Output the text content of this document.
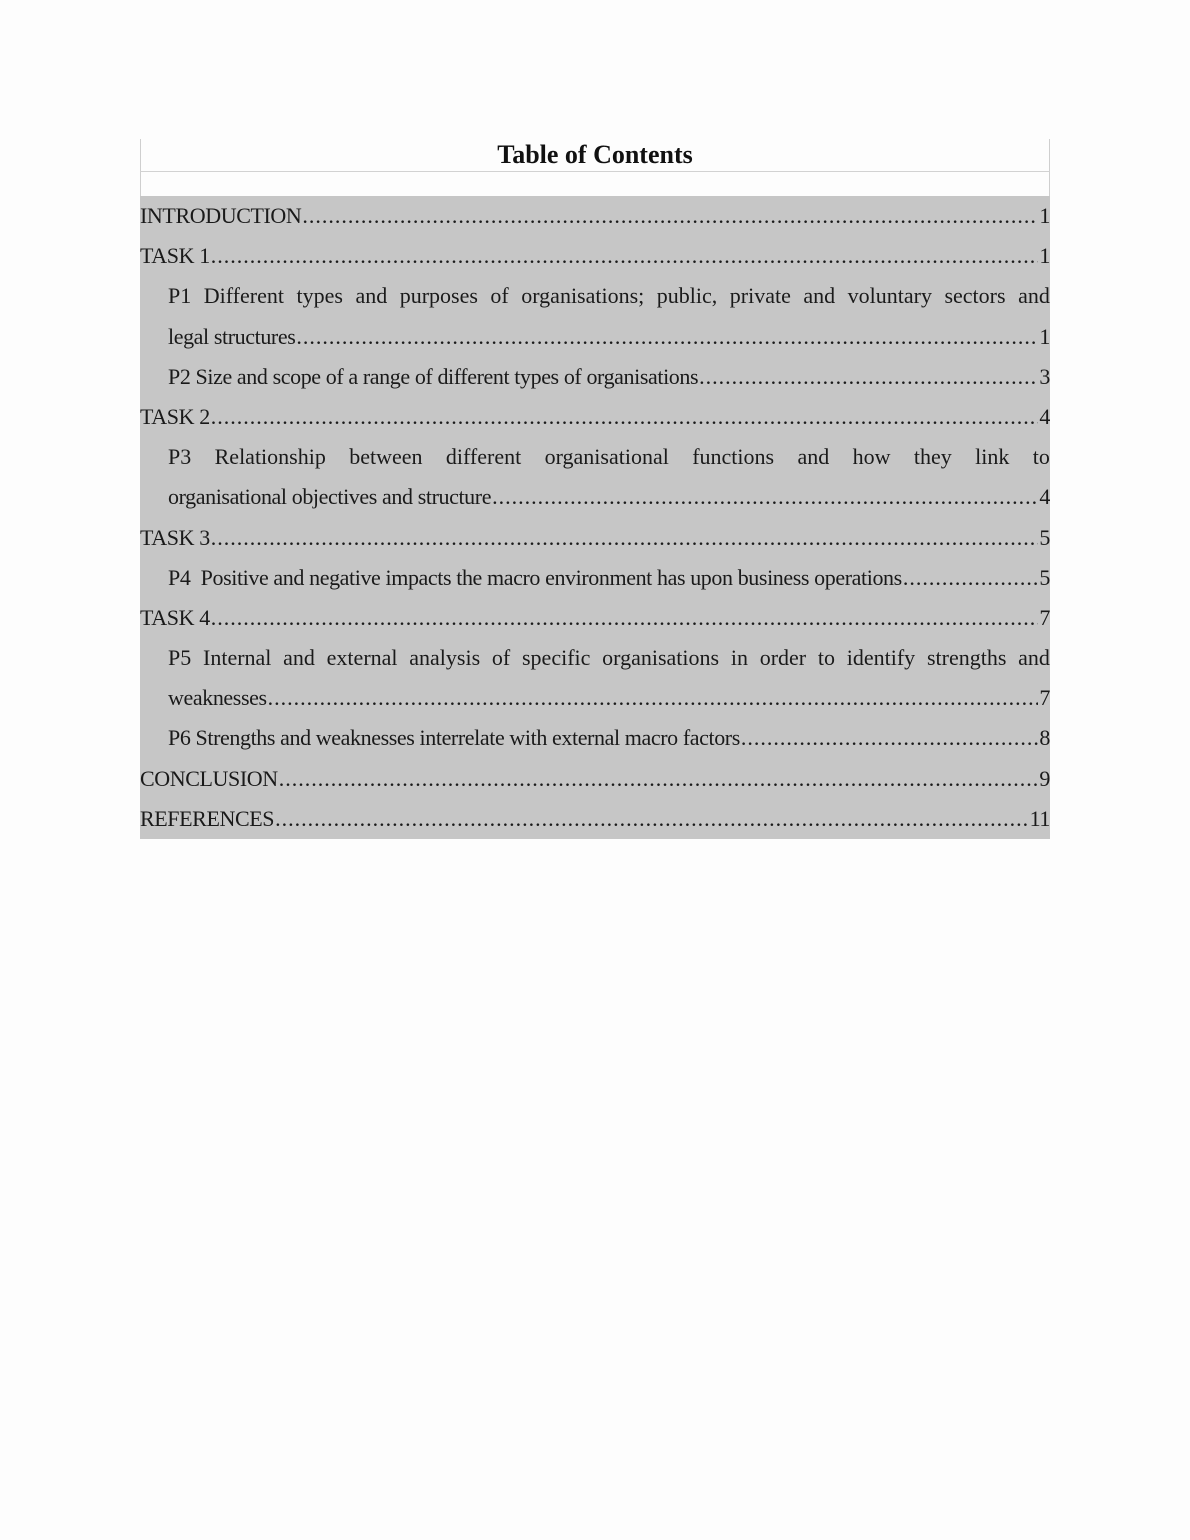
Table of Contents
INTRODUCTION .....	1
TASK 1 .....	1
P1 Different types and purposes of organisations; public, private and voluntary sectors and
legal structures .....	1
P2 Size and scope of a range of different types of organisations .....	3
TASK 2 .....	4
P3 Relationship between different organisational functions and how they link to
organisational objectives and structure .....	4
TASK 3 .....	5
P4  Positive and negative impacts the macro environment has upon business operations .....	5
TASK 4 .....	7
P5 Internal and external analysis of specific organisations in order to identify strengths and
weaknesses .....	7
P6 Strengths and weaknesses interrelate with external macro factors .....	8
CONCLUSION .....	9
REFERENCES .....	11
